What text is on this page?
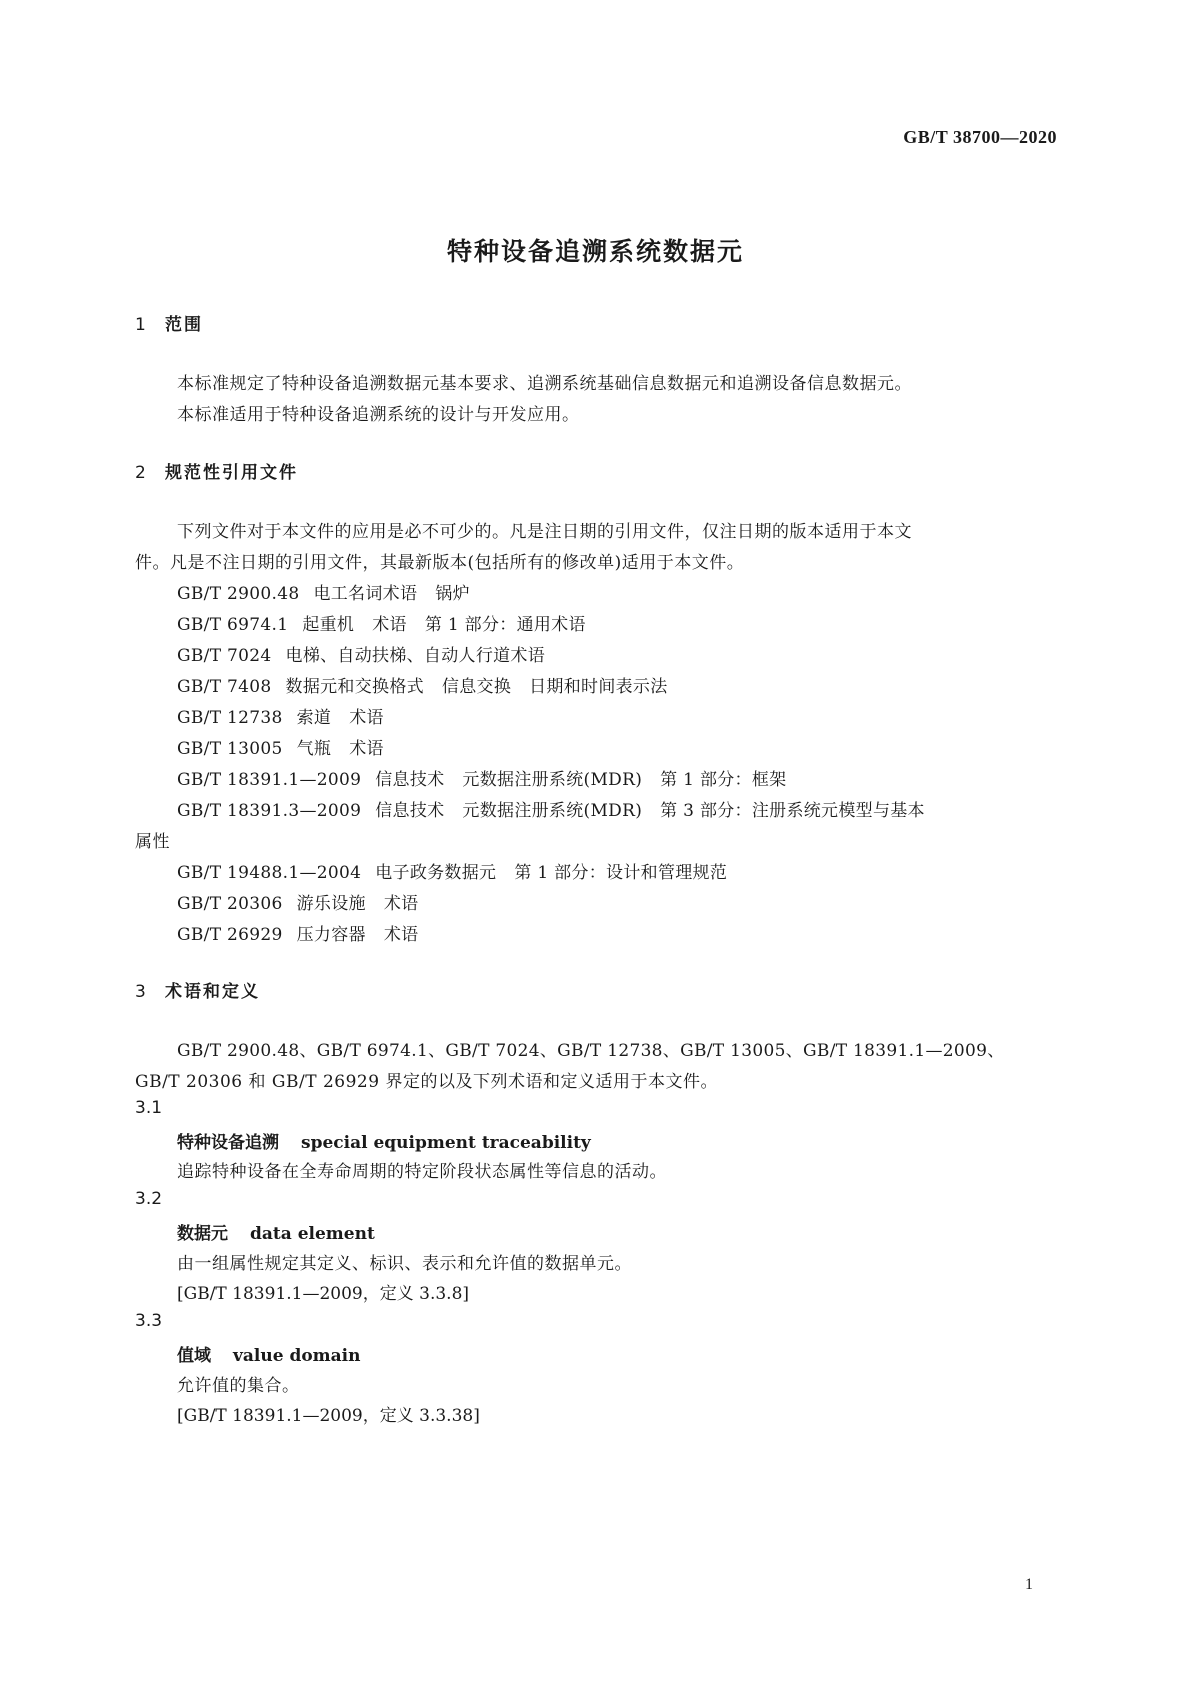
GB/T 38700—2020
特种设备追溯系统数据元
1 范围
本标准规定了特种设备追溯数据元基本要求、追溯系统基础信息数据元和追溯设备信息数据元。
本标准适用于特种设备追溯系统的设计与开发应用。
2 规范性引用文件
下列文件对于本文件的应用是必不可少的。凡是注日期的引用文件，仅注日期的版本适用于本文
件。凡是不注日期的引用文件，其最新版本(包括所有的修改单)适用于本文件。
GB/T 2900.48 电工名词术语 锅炉
GB/T 6974.1 起重机 术语 第 1 部分：通用术语
GB/T 7024 电梯、自动扶梯、自动人行道术语
GB/T 7408 数据元和交换格式 信息交换 日期和时间表示法
GB/T 12738 索道 术语
GB/T 13005 气瓶 术语
GB/T 18391.1—2009 信息技术 元数据注册系统(MDR) 第 1 部分：框架
GB/T 18391.3—2009 信息技术 元数据注册系统(MDR) 第 3 部分：注册系统元模型与基本
属性
GB/T 19488.1—2004 电子政务数据元 第 1 部分：设计和管理规范
GB/T 20306 游乐设施 术语
GB/T 26929 压力容器 术语
3 术语和定义
GB/T 2900.48、GB/T 6974.1、GB/T 7024、GB/T 12738、GB/T 13005、GB/T 18391.1—2009、
GB/T 20306 和 GB/T 26929 界定的以及下列术语和定义适用于本文件。
3.1
特种设备追溯 special equipment traceability
追踪特种设备在全寿命周期的特定阶段状态属性等信息的活动。
3.2
数据元 data element
由一组属性规定其定义、标识、表示和允许值的数据单元。
[GB/T 18391.1—2009，定义 3.3.8]
3.3
值域 value domain
允许值的集合。
[GB/T 18391.1—2009，定义 3.3.38]
1
